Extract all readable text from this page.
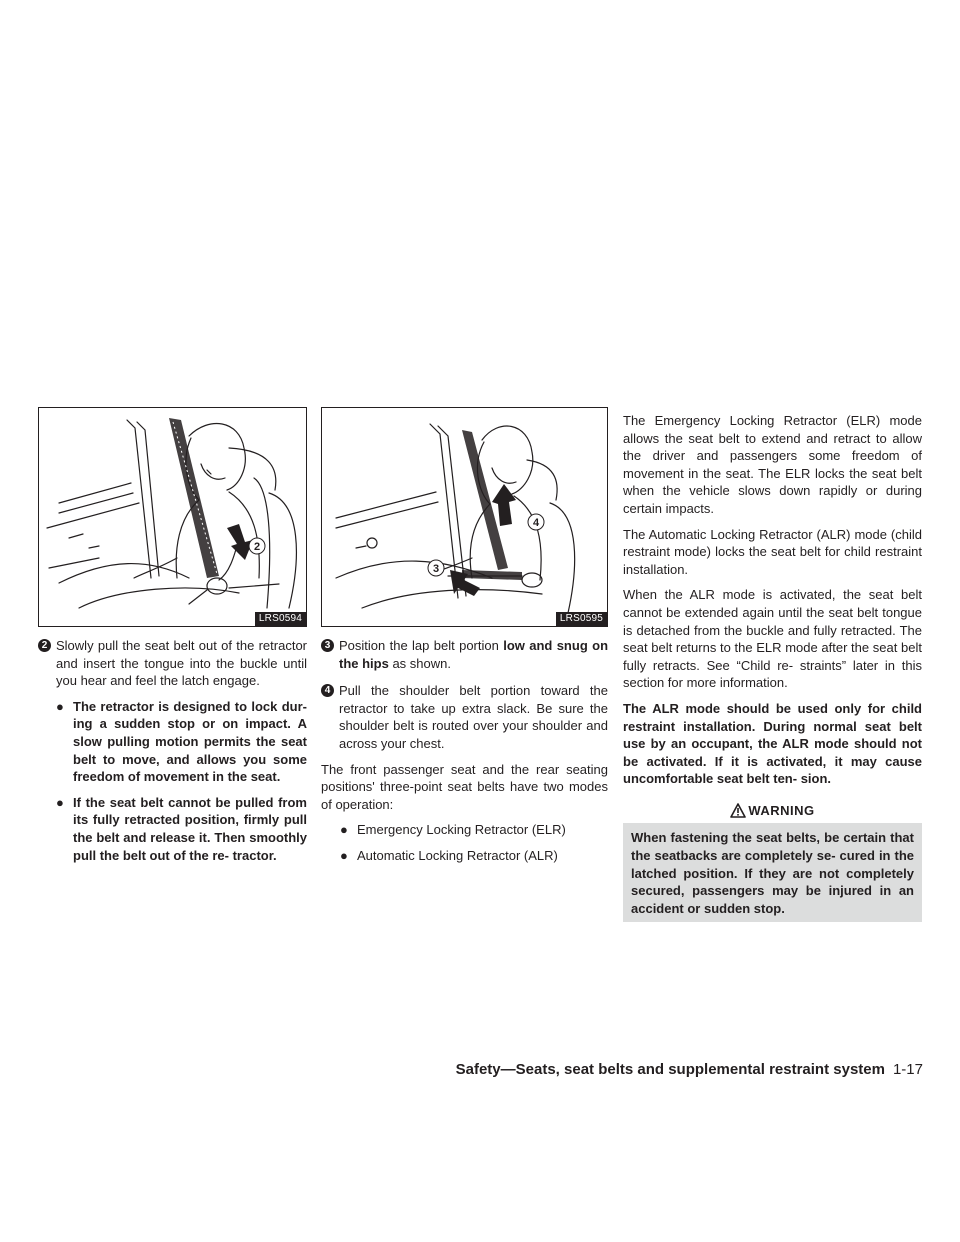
2
LRS0594
2 Slowly pull the seat belt out of the retractor and insert the tongue into the buckle until you hear and feel the latch engage.
● The retractor is designed to lock dur- ing a sudden stop or on impact. A slow pulling motion permits the seat belt to move, and allows you some freedom of movement in the seat.
● If the seat belt cannot be pulled from its fully retracted position, firmly pull the belt and release it. Then smoothly pull the belt out of the re- tractor.
4
3
LRS0595
3 Position the lap belt portion low and snug on the hips as shown.
4 Pull the shoulder belt portion toward the retractor to take up extra slack. Be sure the shoulder belt is routed over your shoulder and across your chest.

The front passenger seat and the rear seating positions' three-point seat belts have two modes of operation:

● Emergency Locking Retractor (ELR)
● Automatic Locking Retractor (ALR)

The Emergency Locking Retractor (ELR) mode allows the seat belt to extend and retract to allow the driver and passengers some freedom of movement in the seat. The ELR locks the seat belt when the vehicle slows down rapidly or during certain impacts.

The Automatic Locking Retractor (ALR) mode (child restraint mode) locks the seat belt for child restraint installation.

When the ALR mode is activated, the seat belt cannot be extended again until the seat belt tongue is detached from the buckle and fully retracted. The seat belt returns to the ELR mode after the seat belt fully retracts. See “Child re- straints” later in this section for more information.

The ALR mode should be used only for child restraint installation. During normal seat belt use by an occupant, the ALR mode should not be activated. If it is activated, it may cause uncomfortable seat belt ten- sion.

WARNING
When fastening the seat belts, be certain that the seatbacks are completely se- cured in the latched position. If they are not completely secured, passengers may be injured in an accident or sudden stop.
Safety—Seats, seat belts and supplemental restraint system 1-17
